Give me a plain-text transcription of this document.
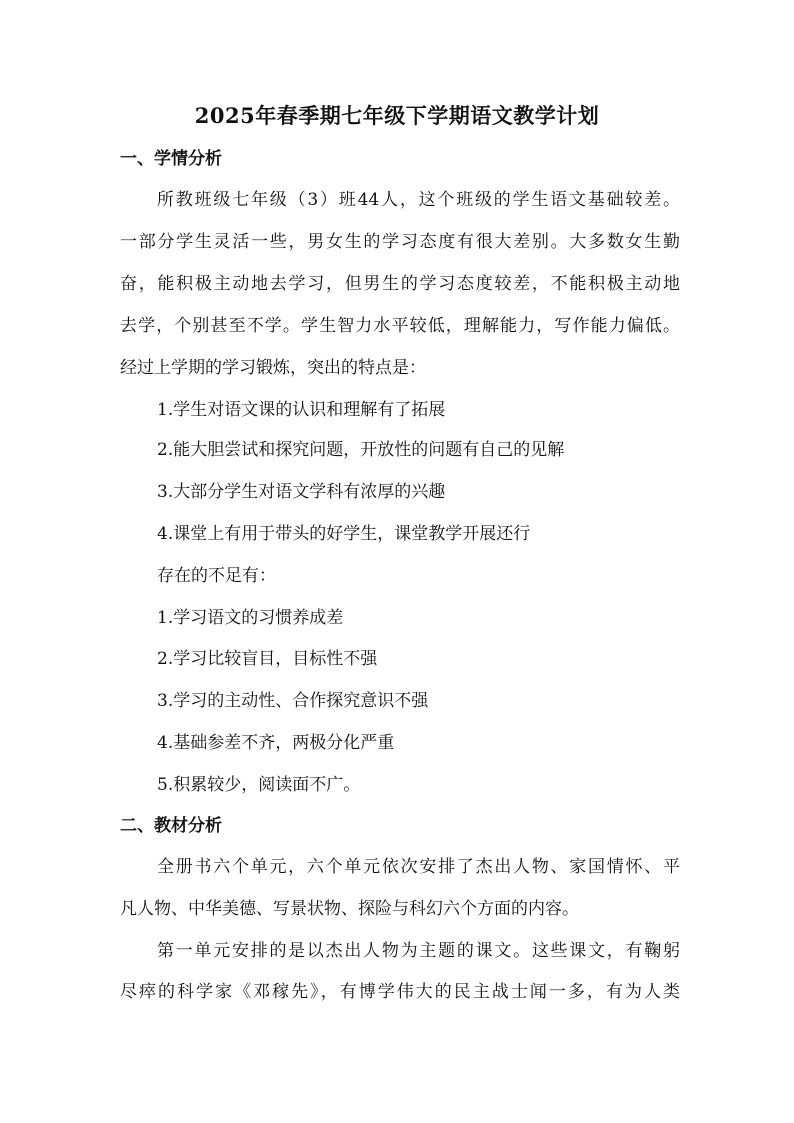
2025年春季期七年级下学期语文教学计划
一、学情分析
所教班级七年级（3）班44人，这个班级的学生语文基础较差。
一部分学生灵活一些，男女生的学习态度有很大差别。大多数女生勤
奋，能积极主动地去学习，但男生的学习态度较差，不能积极主动地
去学，个别甚至不学。学生智力水平较低，理解能力，写作能力偏低。
经过上学期的学习锻炼，突出的特点是：
1.学生对语文课的认识和理解有了拓展
2.能大胆尝试和探究问题，开放性的问题有自己的见解
3.大部分学生对语文学科有浓厚的兴趣
4.课堂上有用于带头的好学生，课堂教学开展还行
存在的不足有：
1.学习语文的习惯养成差
2.学习比较盲目，目标性不强
3.学习的主动性、合作探究意识不强
4.基础参差不齐，两极分化严重
5.积累较少，阅读面不广。
二、教材分析
全册书六个单元，六个单元依次安排了杰出人物、家国情怀、平
凡人物、中华美德、写景状物、探险与科幻六个方面的内容。
第一单元安排的是以杰出人物为主题的课文。这些课文，有鞠躬
尽瘁的科学家《邓稼先》，有博学伟大的民主战士闻一多，有为人类
